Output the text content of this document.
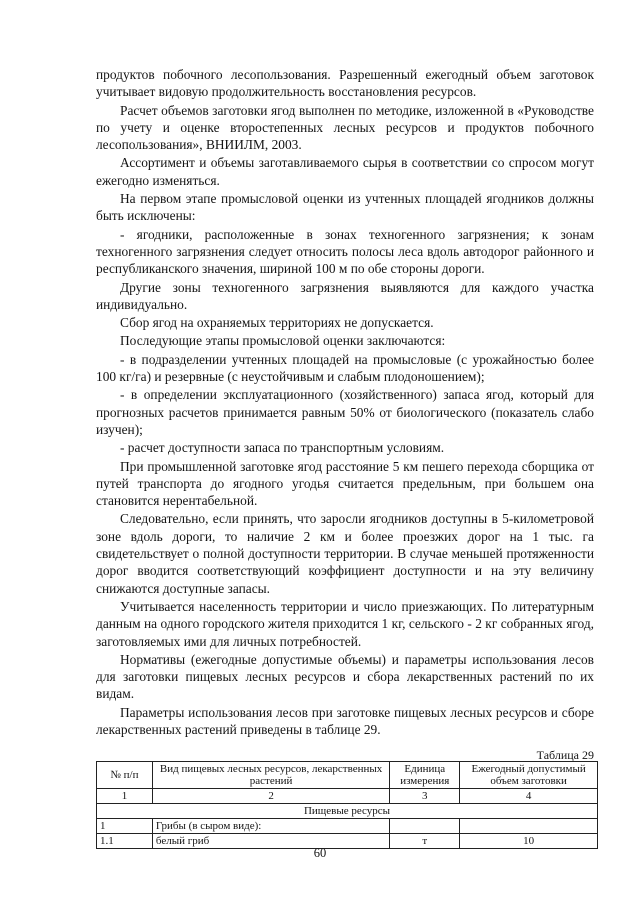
продуктов побочного лесопользования. Разрешенный ежегодный объем заготовок учитывает видовую продолжительность восстановления ресурсов.

Расчет объемов заготовки ягод выполнен по методике, изложенной в «Руководстве по учету и оценке второстепенных лесных ресурсов и продуктов побочного лесопользования», ВНИИЛМ, 2003.

Ассортимент и объемы заготавливаемого сырья в соответствии со спросом могут ежегодно изменяться.

На первом этапе промысловой оценки из учтенных площадей ягодников должны быть исключены:

- ягодники, расположенные в зонах техногенного загрязнения; к зонам техногенного загрязнения следует относить полосы леса вдоль автодорог районного и республиканского значения, шириной 100 м по обе стороны дороги.

Другие зоны техногенного загрязнения выявляются для каждого участка индивидуально.

Сбор ягод на охраняемых территориях не допускается.

Последующие этапы промысловой оценки заключаются:

- в подразделении учтенных площадей на промысловые (с урожайностью более 100 кг/га) и резервные (с неустойчивым и слабым плодоношением);

- в определении эксплуатационного (хозяйственного) запаса ягод, который для прогнозных расчетов принимается равным 50% от биологического (показатель слабо изучен);

- расчет доступности запаса по транспортным условиям.

При промышленной заготовке ягод расстояние 5 км пешего перехода сборщика от путей транспорта до ягодного угодья считается предельным, при большем она становится нерентабельной.

Следовательно, если принять, что заросли ягодников доступны в 5-километровой зоне вдоль дороги, то наличие 2 км и более проезжих дорог на 1 тыс. га свидетельствует о полной доступности территории. В случае меньшей протяженности дорог вводится соответствующий коэффициент доступности и на эту величину снижаются доступные запасы.

Учитывается населенность территории и число приезжающих. По литературным данным на одного городского жителя приходится 1 кг, сельского - 2 кг собранных ягод, заготовляемых ими для личных потребностей.

Нормативы (ежегодные допустимые объемы) и параметры использования лесов для заготовки пищевых лесных ресурсов и сбора лекарственных растений по их видам.

Параметры использования лесов при заготовке пищевых лесных ресурсов и сборе лекарственных растений приведены в таблице 29.

Таблица 29
№ п/п	Вид пищевых лесных ресурсов, лекарственных растений	Единица измерения	Ежегодный допустимый объем заготовки
1	2	3	4
Пищевые ресурсы			
1	Грибы (в сыром виде):		
1.1	белый гриб	т	10
60
